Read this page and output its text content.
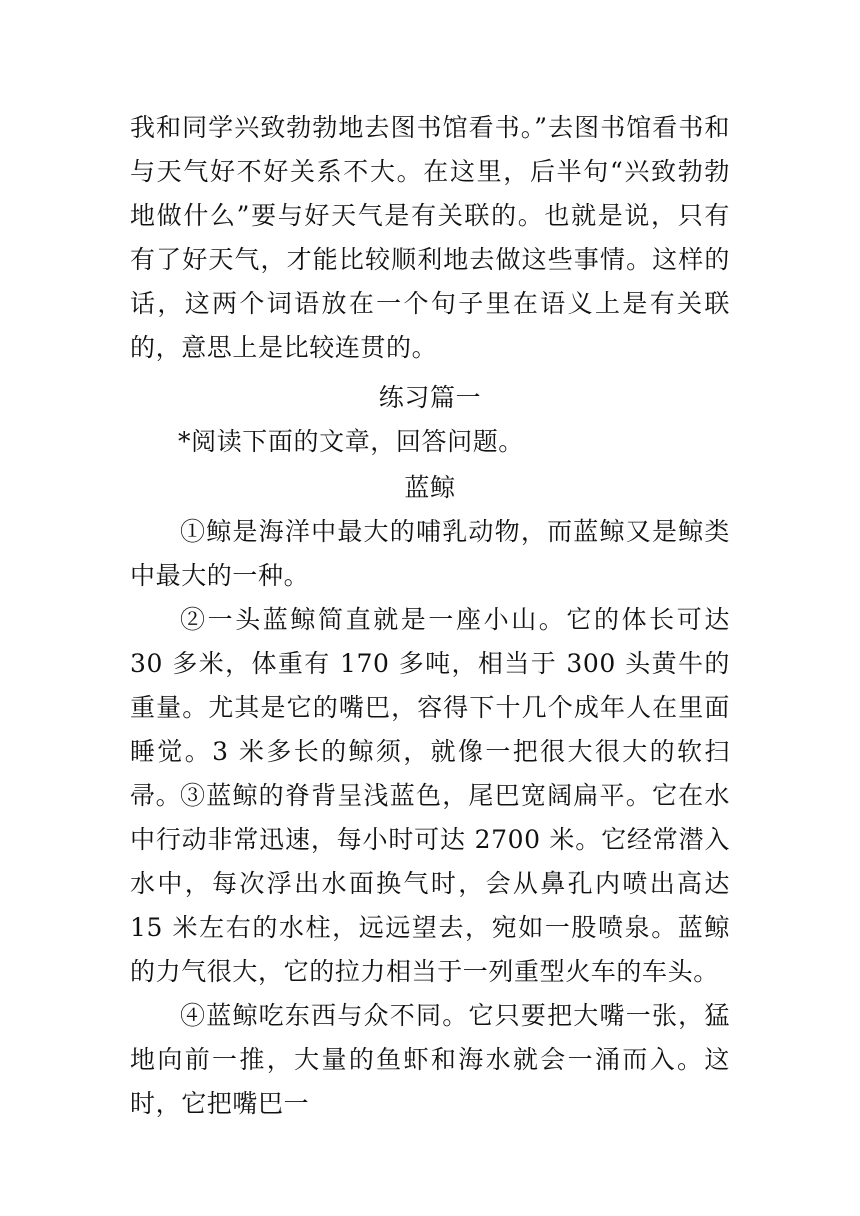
我和同学兴致勃勃地去图书馆看书。”去图书馆看书和与天气好不好关系不大。在这里，后半句“兴致勃勃地做什么”要与好天气是有关联的。也就是说，只有有了好天气，才能比较顺利地去做这些事情。这样的话，这两个词语放在一个句子里在语义上是有关联的，意思上是比较连贯的。

练习篇一
*阅读下面的文章，回答问题。
蓝鲸

①鲸是海洋中最大的哺乳动物，而蓝鲸又是鲸类中最大的一种。

②一头蓝鲸简直就是一座小山。它的体长可达 30 多米，体重有 170 多吨，相当于 300 头黄牛的重量。尤其是它的嘴巴，容得下十几个成年人在里面睡觉。3 米多长的鲸须，就像一把很大很大的软扫帚。

③蓝鲸的脊背呈浅蓝色，尾巴宽阔扁平。它在水中行动非常迅速，每小时可达 2700 米。它经常潜入水中，每次浮出水面换气时，会从鼻孔内喷出高达 15 米左右的水柱，远远望去，宛如一股喷泉。蓝鲸的力气很大，它的拉力相当于一列重型火车的车头。

④蓝鲸吃东西与众不同。它只要把大嘴一张，猛地向前一推，大量的鱼虾和海水就会一涌而入。这时，它把嘴巴一
